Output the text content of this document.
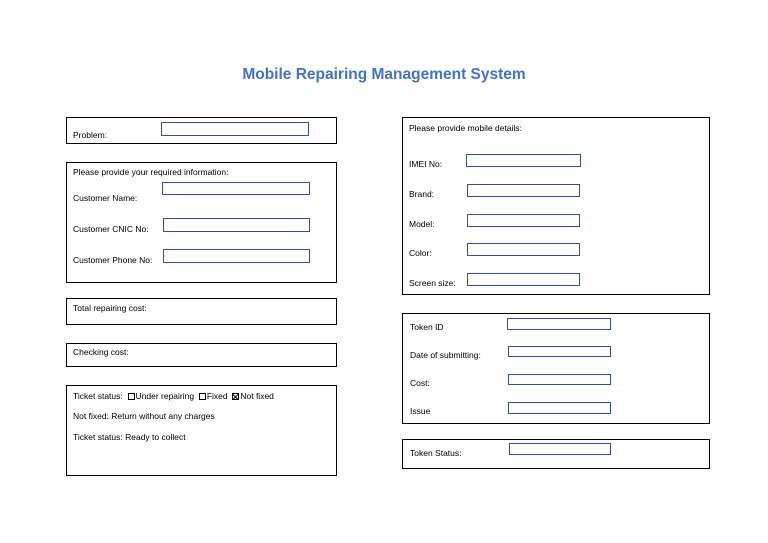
Mobile Repairing Management System
Problem:
Please provide your required information:
Customer Name:
Customer CNIC No:
Customer Phone No:
Total repairing cost:
Checking cost:
Ticket status: Under repairing Fixed Not fixed
Not fixed: Return without any charges
Ticket status: Ready to collect
Please provide mobile details:
IMEI No:
Brand:
Model:
Color:
Screen size:
Token ID
Date of submitting:
Cost:
Issue
Token Status:
